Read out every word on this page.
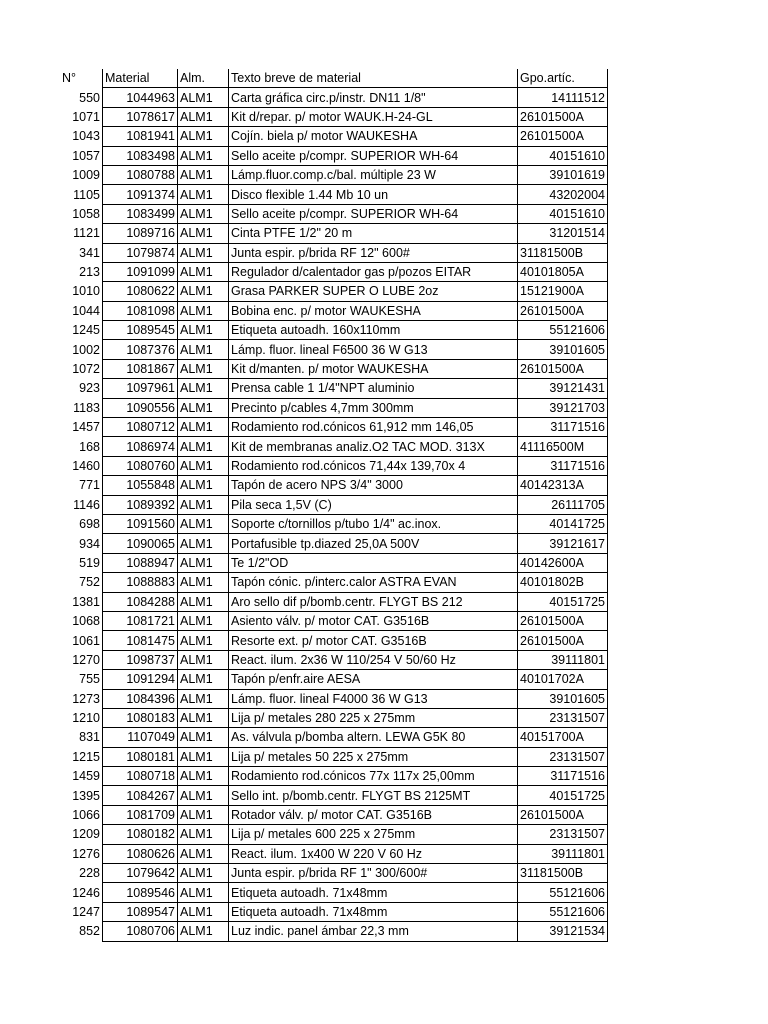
N°	Material	Alm.	Texto breve de material	Gpo.artíc.
550	1044963	ALM1	Carta gráfica circ.p/instr. DN11 1/8"	14111512
1071	1078617	ALM1	Kit d/repar. p/ motor WAUK.H-24-GL	26101500A
1043	1081941	ALM1	Cojín. biela p/ motor WAUKESHA	26101500A
1057	1083498	ALM1	Sello aceite p/compr. SUPERIOR WH-64	40151610
1009	1080788	ALM1	Lámp.fluor.comp.c/bal. múltiple 23 W	39101619
1105	1091374	ALM1	Disco flexible 1.44 Mb 10 un	43202004
1058	1083499	ALM1	Sello aceite p/compr. SUPERIOR WH-64	40151610
1121	1089716	ALM1	Cinta PTFE 1/2" 20 m	31201514
341	1079874	ALM1	Junta espir. p/brida RF 12" 600#	31181500B
213	1091099	ALM1	Regulador d/calentador gas p/pozos EITAR	40101805A
1010	1080622	ALM1	Grasa PARKER SUPER O LUBE 2oz	15121900A
1044	1081098	ALM1	Bobina enc. p/ motor WAUKESHA	26101500A
1245	1089545	ALM1	Etiqueta autoadh. 160x110mm	55121606
1002	1087376	ALM1	Lámp. fluor. lineal F6500 36 W G13	39101605
1072	1081867	ALM1	Kit d/manten. p/ motor WAUKESHA	26101500A
923	1097961	ALM1	Prensa cable 1 1/4"NPT aluminio	39121431
1183	1090556	ALM1	Precinto p/cables 4,7mm 300mm	39121703
1457	1080712	ALM1	Rodamiento rod.cónicos 61,912 mm 146,05	31171516
168	1086974	ALM1	Kit de membranas analiz.O2 TAC MOD. 313X	41116500M
1460	1080760	ALM1	Rodamiento rod.cónicos 71,44x 139,70x 4	31171516
771	1055848	ALM1	Tapón de acero NPS 3/4" 3000	40142313A
1146	1089392	ALM1	Pila seca 1,5V (C)	26111705
698	1091560	ALM1	Soporte c/tornillos p/tubo 1/4" ac.inox.	40141725
934	1090065	ALM1	Portafusible tp.diazed 25,0A 500V	39121617
519	1088947	ALM1	Te 1/2"OD	40142600A
752	1088883	ALM1	Tapón cónic. p/interc.calor ASTRA EVAN	40101802B
1381	1084288	ALM1	Aro sello dif p/bomb.centr. FLYGT BS 212	40151725
1068	1081721	ALM1	Asiento válv. p/ motor CAT. G3516B	26101500A
1061	1081475	ALM1	Resorte ext. p/ motor CAT. G3516B	26101500A
1270	1098737	ALM1	React. ilum. 2x36 W 110/254 V 50/60 Hz	39111801
755	1091294	ALM1	Tapón p/enfr.aire AESA	40101702A
1273	1084396	ALM1	Lámp. fluor. lineal F4000 36 W G13	39101605
1210	1080183	ALM1	Lija p/ metales 280 225 x 275mm	23131507
831	1107049	ALM1	As. válvula p/bomba altern. LEWA G5K 80	40151700A
1215	1080181	ALM1	Lija p/ metales 50 225 x 275mm	23131507
1459	1080718	ALM1	Rodamiento rod.cónicos 77x 117x 25,00mm	31171516
1395	1084267	ALM1	Sello int. p/bomb.centr. FLYGT BS 2125MT	40151725
1066	1081709	ALM1	Rotador válv. p/ motor CAT. G3516B	26101500A
1209	1080182	ALM1	Lija p/ metales 600 225 x 275mm	23131507
1276	1080626	ALM1	React. ilum. 1x400 W 220 V 60 Hz	39111801
228	1079642	ALM1	Junta espir. p/brida RF 1" 300/600#	31181500B
1246	1089546	ALM1	Etiqueta autoadh. 71x48mm	55121606
1247	1089547	ALM1	Etiqueta autoadh. 71x48mm	55121606
852	1080706	ALM1	Luz indic. panel ámbar 22,3 mm	39121534
